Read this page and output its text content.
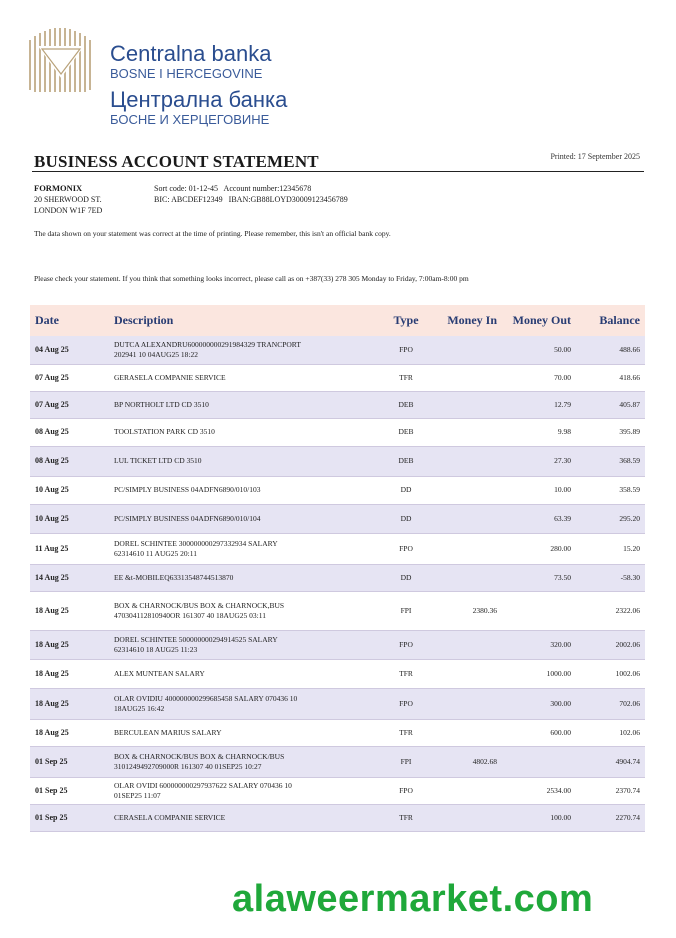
Centralna banka
BOSNE I HERCEGOVINE
Централна банка
БОСНЕ И ХЕРЦЕГОВИНЕ
BUSINESS ACCOUNT STATEMENT	Printed: 17 September 2025
FORMONIX
20 SHERWOOD ST.
LONDON W1F 7ED
Sort code: 01-12-45   Account number:12345678
BIC: ABCDEF12349   IBAN:GB88LOYD30009123456789
The data shown on your statement was correct at the time of printing. Please remember, this isn't an official bank copy.
Please check your statement. If you think that something looks incorrect, please call as on +387(33) 278 305 Monday to Friday, 7:00am-8:00 pm
Date	Description	Type	Money In	Money Out	Balance
04 Aug 25	DUTCA ALEXANDRU600000000291984329 TRANCPORT
202941 10 04AUG25 18:22	FPO		50.00	488.66
07 Aug 25	GERASELA COMPANIE SERVICE	TFR		70.00	418.66
07 Aug 25	BP NORTHOLT LTD CD 3510	DEB		12.79	405.87
08 Aug 25	TOOLSTATION PARK CD 3510	DEB		9.98	395.89
08 Aug 25	LUL TICKET LTD CD 3510	DEB		27.30	368.59
10 Aug 25	PC/SIMPLY BUSINESS 04ADFN6890/010/103	DD		10.00	358.59
10 Aug 25	PC/SIMPLY BUSINESS 04ADFN6890/010/104	DD		63.39	295.20
11 Aug 25	DOREL SCHINTEE 300000000297332934 SALARY
62314610 11 AUG25 20:11	FPO		280.00	15.20
14 Aug 25	EE &t-MOBILEQ63313548744513870	DD		73.50	-58.30
18 Aug 25	BOX & CHARNOCK/BUS BOX & CHARNOCK,BUS
470304112810940OR 161307 40 18AUG25 03:11	FPI	2380.36		2322.06
18 Aug 25	DOREL SCHINTEE 500000000294914525 SALARY
62314610 18 AUG25 11:23	FPO		320.00	2002.06
18 Aug 25	ALEX MUNTEAN SALARY	TFR		1000.00	1002.06
18 Aug 25	OLAR OVIDIU 400000000299685458 SALARY 070436 10
18AUG25 16:42	FPO		300.00	702.06
18 Aug 25	BERCULEAN MARIUS SALARY	TFR		600.00	102.06
01 Sep 25	BOX & CHARNOCK/BUS BOX & CHARNOCK/BUS
3101249492709000R 161307 40 01SEP25 10:27	FPI	4802.68		4904.74
01 Sep 25	OLAR OVIDI 600000000297937622 SALARY 070436 10
01SEP25 11:07	FPO		2534.00	2370.74
01 Sep 25	CERASELA COMPANIE SERVICE	TFR		100.00	2270.74
alaweermarket.com
